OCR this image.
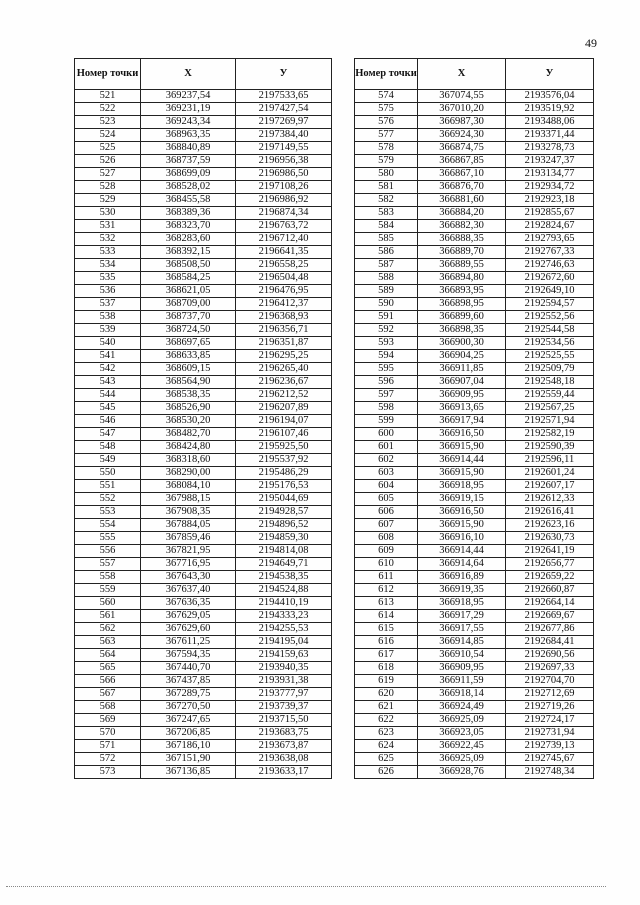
49
Номер точки	X	У
521	369237,54	2197533,65
522	369231,19	2197427,54
523	369243,34	2197269,97
524	368963,35	2197384,40
525	368840,89	2197149,55
526	368737,59	2196956,38
527	368699,09	2196986,50
528	368528,02	2197108,26
529	368455,58	2196986,92
530	368389,36	2196874,34
531	368323,70	2196763,72
532	368283,60	2196712,40
533	368392,15	2196641,35
534	368508,50	2196558,25
535	368584,25	2196504,48
536	368621,05	2196476,95
537	368709,00	2196412,37
538	368737,70	2196368,93
539	368724,50	2196356,71
540	368697,65	2196351,87
541	368633,85	2196295,25
542	368609,15	2196265,40
543	368564,90	2196236,67
544	368538,35	2196212,52
545	368526,90	2196207,89
546	368530,20	2196194,07
547	368482,70	2196107,46
548	368424,80	2195925,50
549	368318,60	2195537,92
550	368290,00	2195486,29
551	368084,10	2195176,53
552	367988,15	2195044,69
553	367908,35	2194928,57
554	367884,05	2194896,52
555	367859,46	2194859,30
556	367821,95	2194814,08
557	367716,95	2194649,71
558	367643,30	2194538,35
559	367637,40	2194524,88
560	367636,35	2194410,19
561	367629,05	2194333,23
562	367629,60	2194255,53
563	367611,25	2194195,04
564	367594,35	2194159,63
565	367440,70	2193940,35
566	367437,85	2193931,38
567	367289,75	2193777,97
568	367270,50	2193739,37
569	367247,65	2193715,50
570	367206,85	2193683,75
571	367186,10	2193673,87
572	367151,90	2193638,08
573	367136,85	2193633,17
Номер точки	X	У
574	367074,55	2193576,04
575	367010,20	2193519,92
576	366987,30	2193488,06
577	366924,30	2193371,44
578	366874,75	2193278,73
579	366867,85	2193247,37
580	366867,10	2193134,77
581	366876,70	2192934,72
582	366881,60	2192923,18
583	366884,20	2192855,67
584	366882,30	2192824,67
585	366888,35	2192793,65
586	366889,70	2192767,33
587	366889,55	2192746,63
588	366894,80	2192672,60
589	366893,95	2192649,10
590	366898,95	2192594,57
591	366899,60	2192552,56
592	366898,35	2192544,58
593	366900,30	2192534,56
594	366904,25	2192525,55
595	366911,85	2192509,79
596	366907,04	2192548,18
597	366909,95	2192559,44
598	366913,65	2192567,25
599	366917,94	2192571,94
600	366916,50	2192582,19
601	366915,90	2192590,39
602	366914,44	2192596,11
603	366915,90	2192601,24
604	366918,95	2192607,17
605	366919,15	2192612,33
606	366916,50	2192616,41
607	366915,90	2192623,16
608	366916,10	2192630,73
609	366914,44	2192641,19
610	366914,64	2192656,77
611	366916,89	2192659,22
612	366919,35	2192660,87
613	366918,95	2192664,14
614	366917,29	2192669,67
615	366917,55	2192677,86
616	366914,85	2192684,41
617	366910,54	2192690,56
618	366909,95	2192697,33
619	366911,59	2192704,70
620	366918,14	2192712,69
621	366924,49	2192719,26
622	366925,09	2192724,17
623	366923,05	2192731,94
624	366922,45	2192739,13
625	366925,09	2192745,67
626	366928,76	2192748,34
